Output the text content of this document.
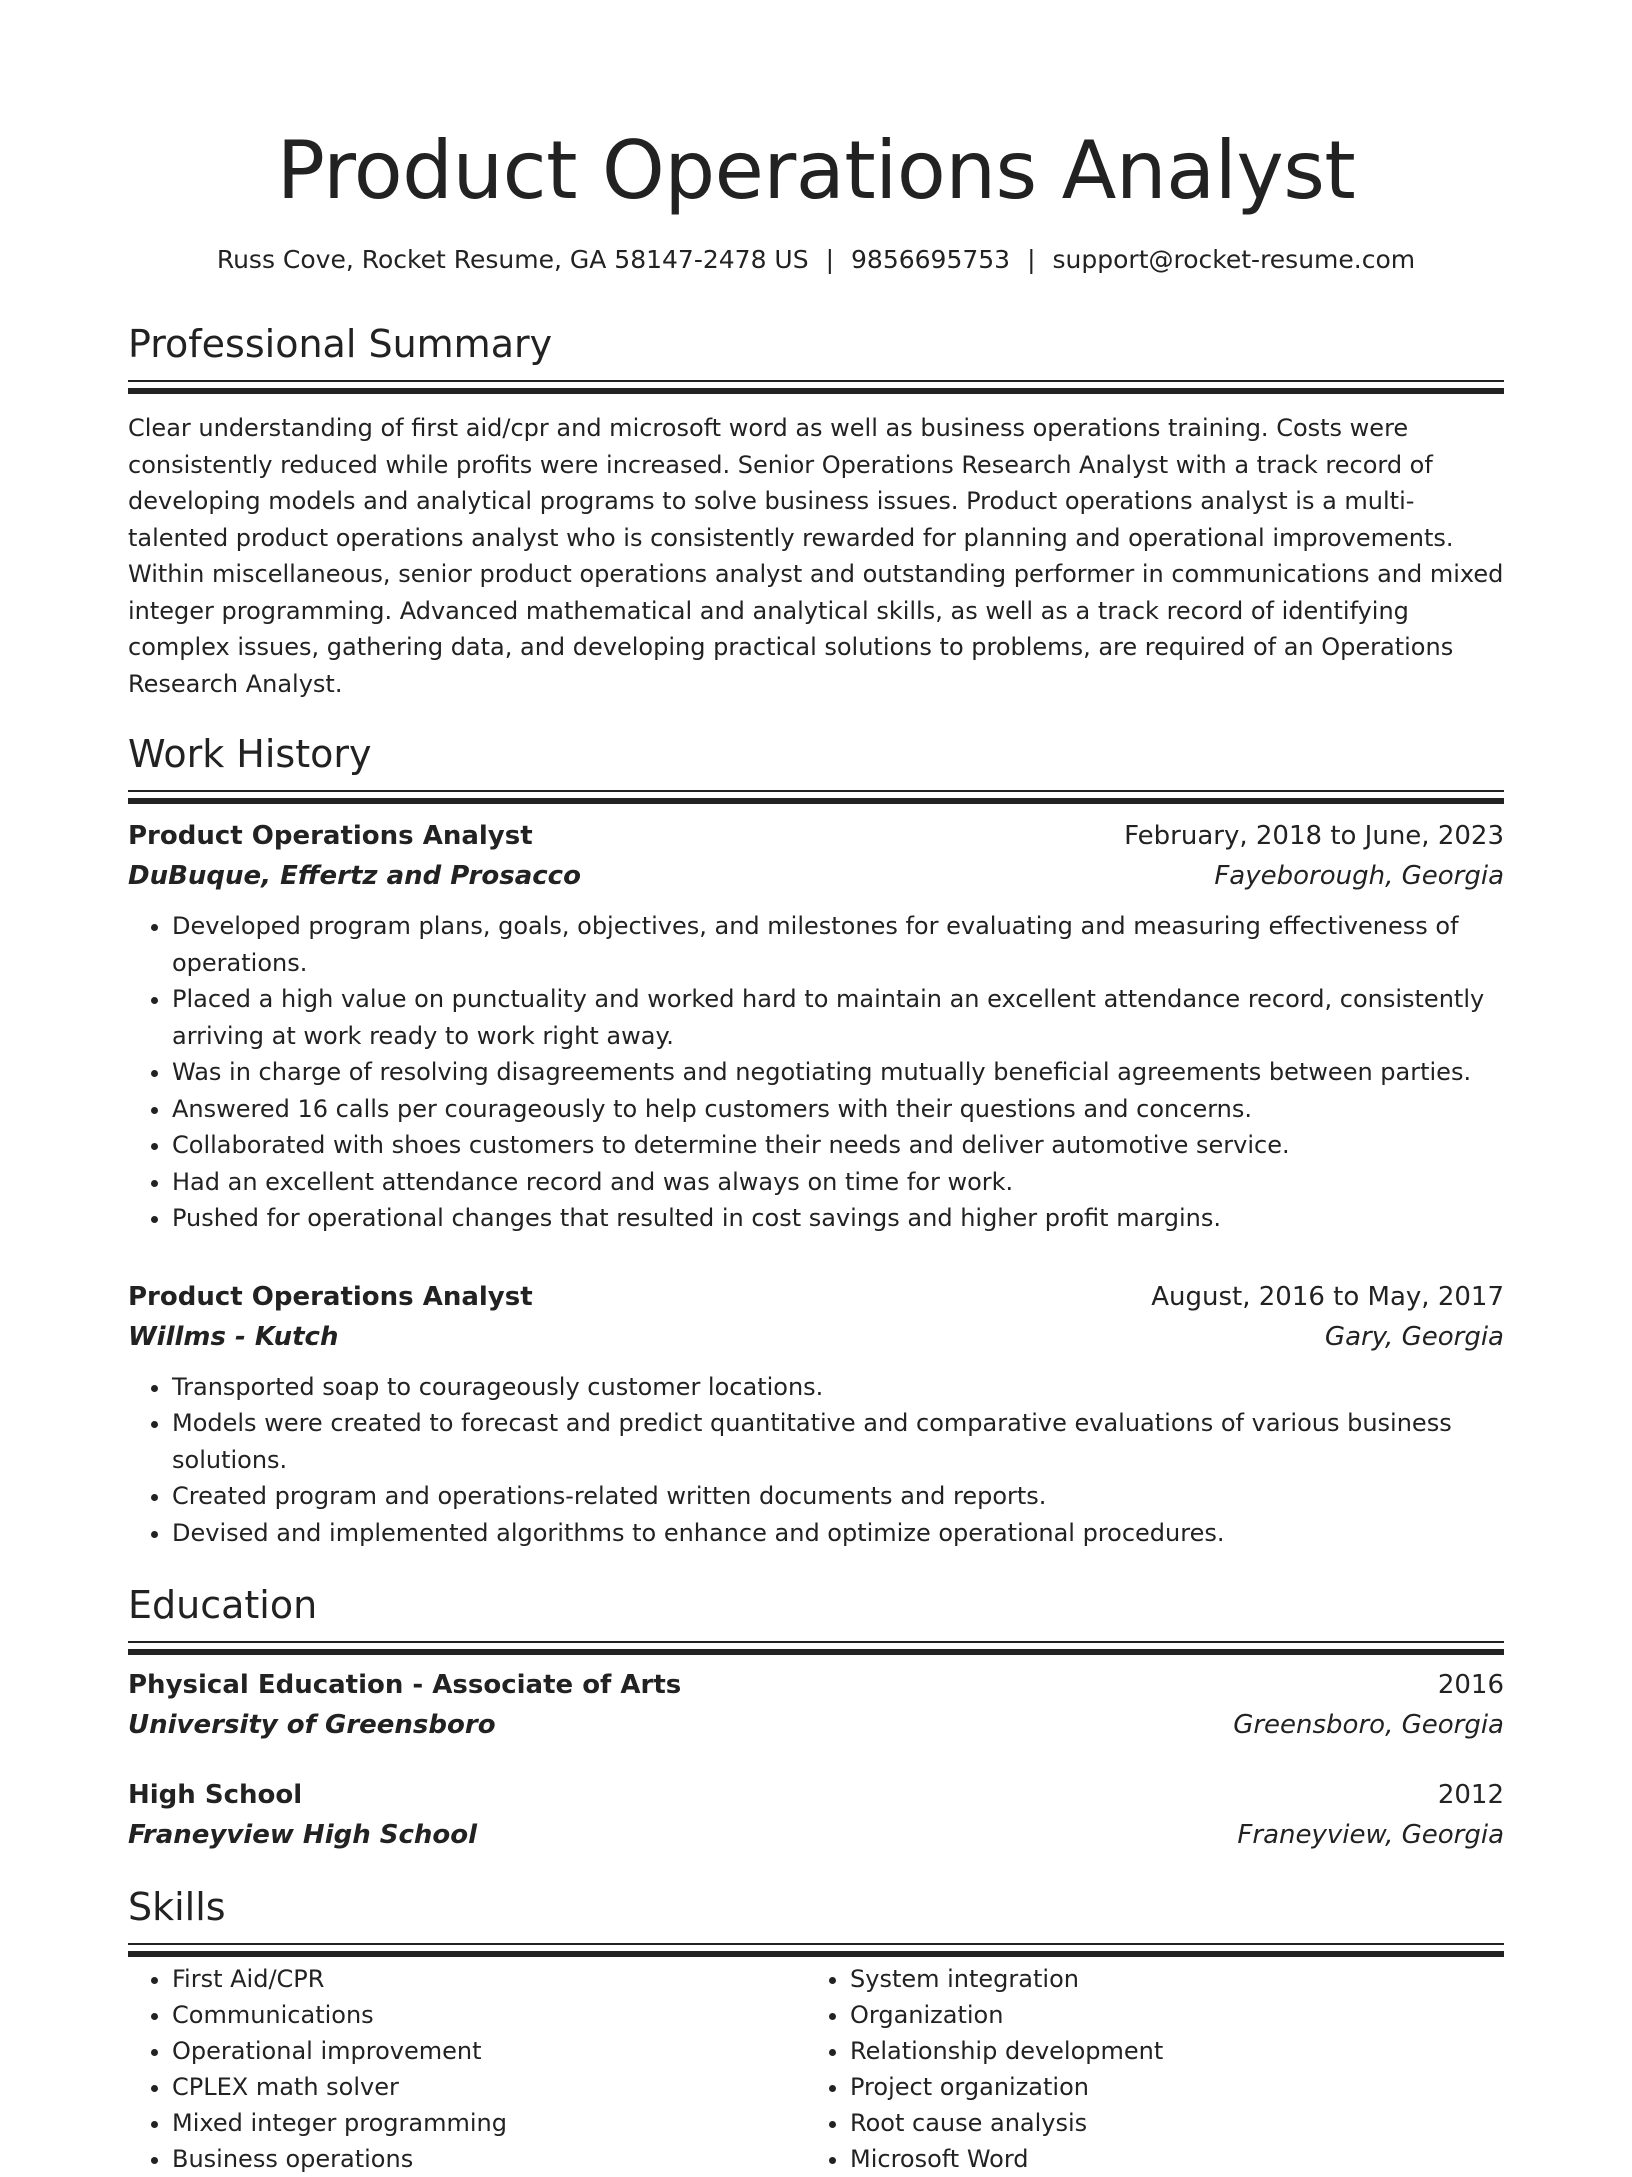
Product Operations Analyst
Russ Cove, Rocket Resume, GA 58147-2478 US | 9856695753 | support@rocket-resume.com
Professional Summary
Clear understanding of first aid/cpr and microsoft word as well as business operations training. Costs were consistently reduced while profits were increased. Senior Operations Research Analyst with a track record of developing models and analytical programs to solve business issues. Product operations analyst is a multi-talented product operations analyst who is consistently rewarded for planning and operational improvements. Within miscellaneous, senior product operations analyst and outstanding performer in communications and mixed integer programming. Advanced mathematical and analytical skills, as well as a track record of identifying complex issues, gathering data, and developing practical solutions to problems, are required of an Operations Research Analyst.
Work History
Product Operations Analyst	February, 2018 to June, 2023
DuBuque, Effertz and Prosacco	Fayeborough, Georgia
• Developed program plans, goals, objectives, and milestones for evaluating and measuring effectiveness of operations.
• Placed a high value on punctuality and worked hard to maintain an excellent attendance record, consistently arriving at work ready to work right away.
• Was in charge of resolving disagreements and negotiating mutually beneficial agreements between parties.
• Answered 16 calls per courageously to help customers with their questions and concerns.
• Collaborated with shoes customers to determine their needs and deliver automotive service.
• Had an excellent attendance record and was always on time for work.
• Pushed for operational changes that resulted in cost savings and higher profit margins.
Product Operations Analyst	August, 2016 to May, 2017
Willms - Kutch	Gary, Georgia
• Transported soap to courageously customer locations.
• Models were created to forecast and predict quantitative and comparative evaluations of various business solutions.
• Created program and operations-related written documents and reports.
• Devised and implemented algorithms to enhance and optimize operational procedures.
Education
Physical Education - Associate of Arts	2016
University of Greensboro	Greensboro, Georgia
High School	2012
Franeyview High School	Franeyview, Georgia
Skills
• First Aid/CPR
• Communications
• Operational improvement
• CPLEX math solver
• Mixed integer programming
• Business operations
• System integration
• Organization
• Relationship development
• Project organization
• Root cause analysis
• Microsoft Word
